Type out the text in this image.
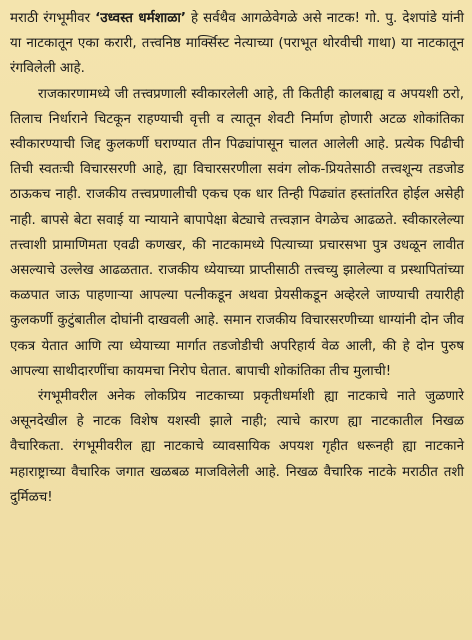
मराठी रंगभूमीवर ‘उध्वस्त धर्मशाळा’ हे सर्वथैव आगळेवेगळे असे नाटक! गो. पु. देशपांडे यांनी या नाटकातून एका करारी, तत्त्वनिष्ठ मार्क्सिस्ट नेत्याच्या (पराभूत थोरवीची गाथा) या नाटकातून रंगविलेली आहे.

राजकारणामध्ये जी तत्त्वप्रणाली स्वीकारलेली आहे, ती कितीही कालबाह्य व अपयशी ठरो, तिलाच निर्धाराने चिटकून राहण्याची वृत्ती व त्यातून शेवटी निर्माण होणारी अटळ शोकांतिका स्वीकारण्याची जिद्द कुलकर्णी घराण्यात तीन पिढ्यांपासून चालत आलेली आहे. प्रत्येक पिढीची तिची स्वतःची विचारसरणी आहे, ह्या विचारसरणीला सवंग लोक-प्रियतेसाठी तत्त्वशून्य तडजोड ठाऊकच नाही. राजकीय तत्त्वप्रणालीची एकच एक धार तिन्ही पिढ्यांत हस्तांतरित होईल असेही नाही. बापसे बेटा सवाई या न्यायाने बापापेक्षा बेट्याचे तत्त्वज्ञान वेगळेच आढळते. स्वीकारलेल्या तत्त्वाशी प्रामाणिमता एवढी कणखर, की नाटकामध्ये पित्याच्या प्रचारसभा पुत्र उधळून लावीत असल्याचे उल्लेख आढळतात. राजकीय ध्येयाच्या प्राप्तीसाठी तत्त्वच्यु झालेल्या व प्रस्थापितांच्या कळपात जाऊ पाहणाऱ्या आपल्या पत्नीकडून अथवा प्रेयसीकडून अव्हेरले जाण्याची तयारीही कुलकर्णी कुटुंबातील दोघांनी दाखवली आहे. समान राजकीय विचारसरणीच्या धाग्यांनी दोन जीव एकत्र येतात आणि त्या ध्येयाच्या मार्गात तडजोडीची अपरिहार्य वेळ आली, की हे दोन पुरुष आपल्या साथीदारणींचा कायमचा निरोप घेतात. बापाची शोकांतिका तीच मुलाची!

रंगभूमीवरील अनेक लोकप्रिय नाटकाच्या प्रकृतीधर्माशी ह्या नाटकाचे नाते जुळणारे असूनदेखील हे नाटक विशेष यशस्वी झाले नाही; त्याचे कारण ह्या नाटकातील निखळ वैचारिकता. रंगभूमीवरील ह्या नाटकाचे व्यावसायिक अपयश गृहीत धरूनही ह्या नाटकाने महाराष्ट्राच्या वैचारिक जगात खळबळ माजविलेली आहे. निखळ वैचारिक नाटके मराठीत तशी दुर्मिळच!
